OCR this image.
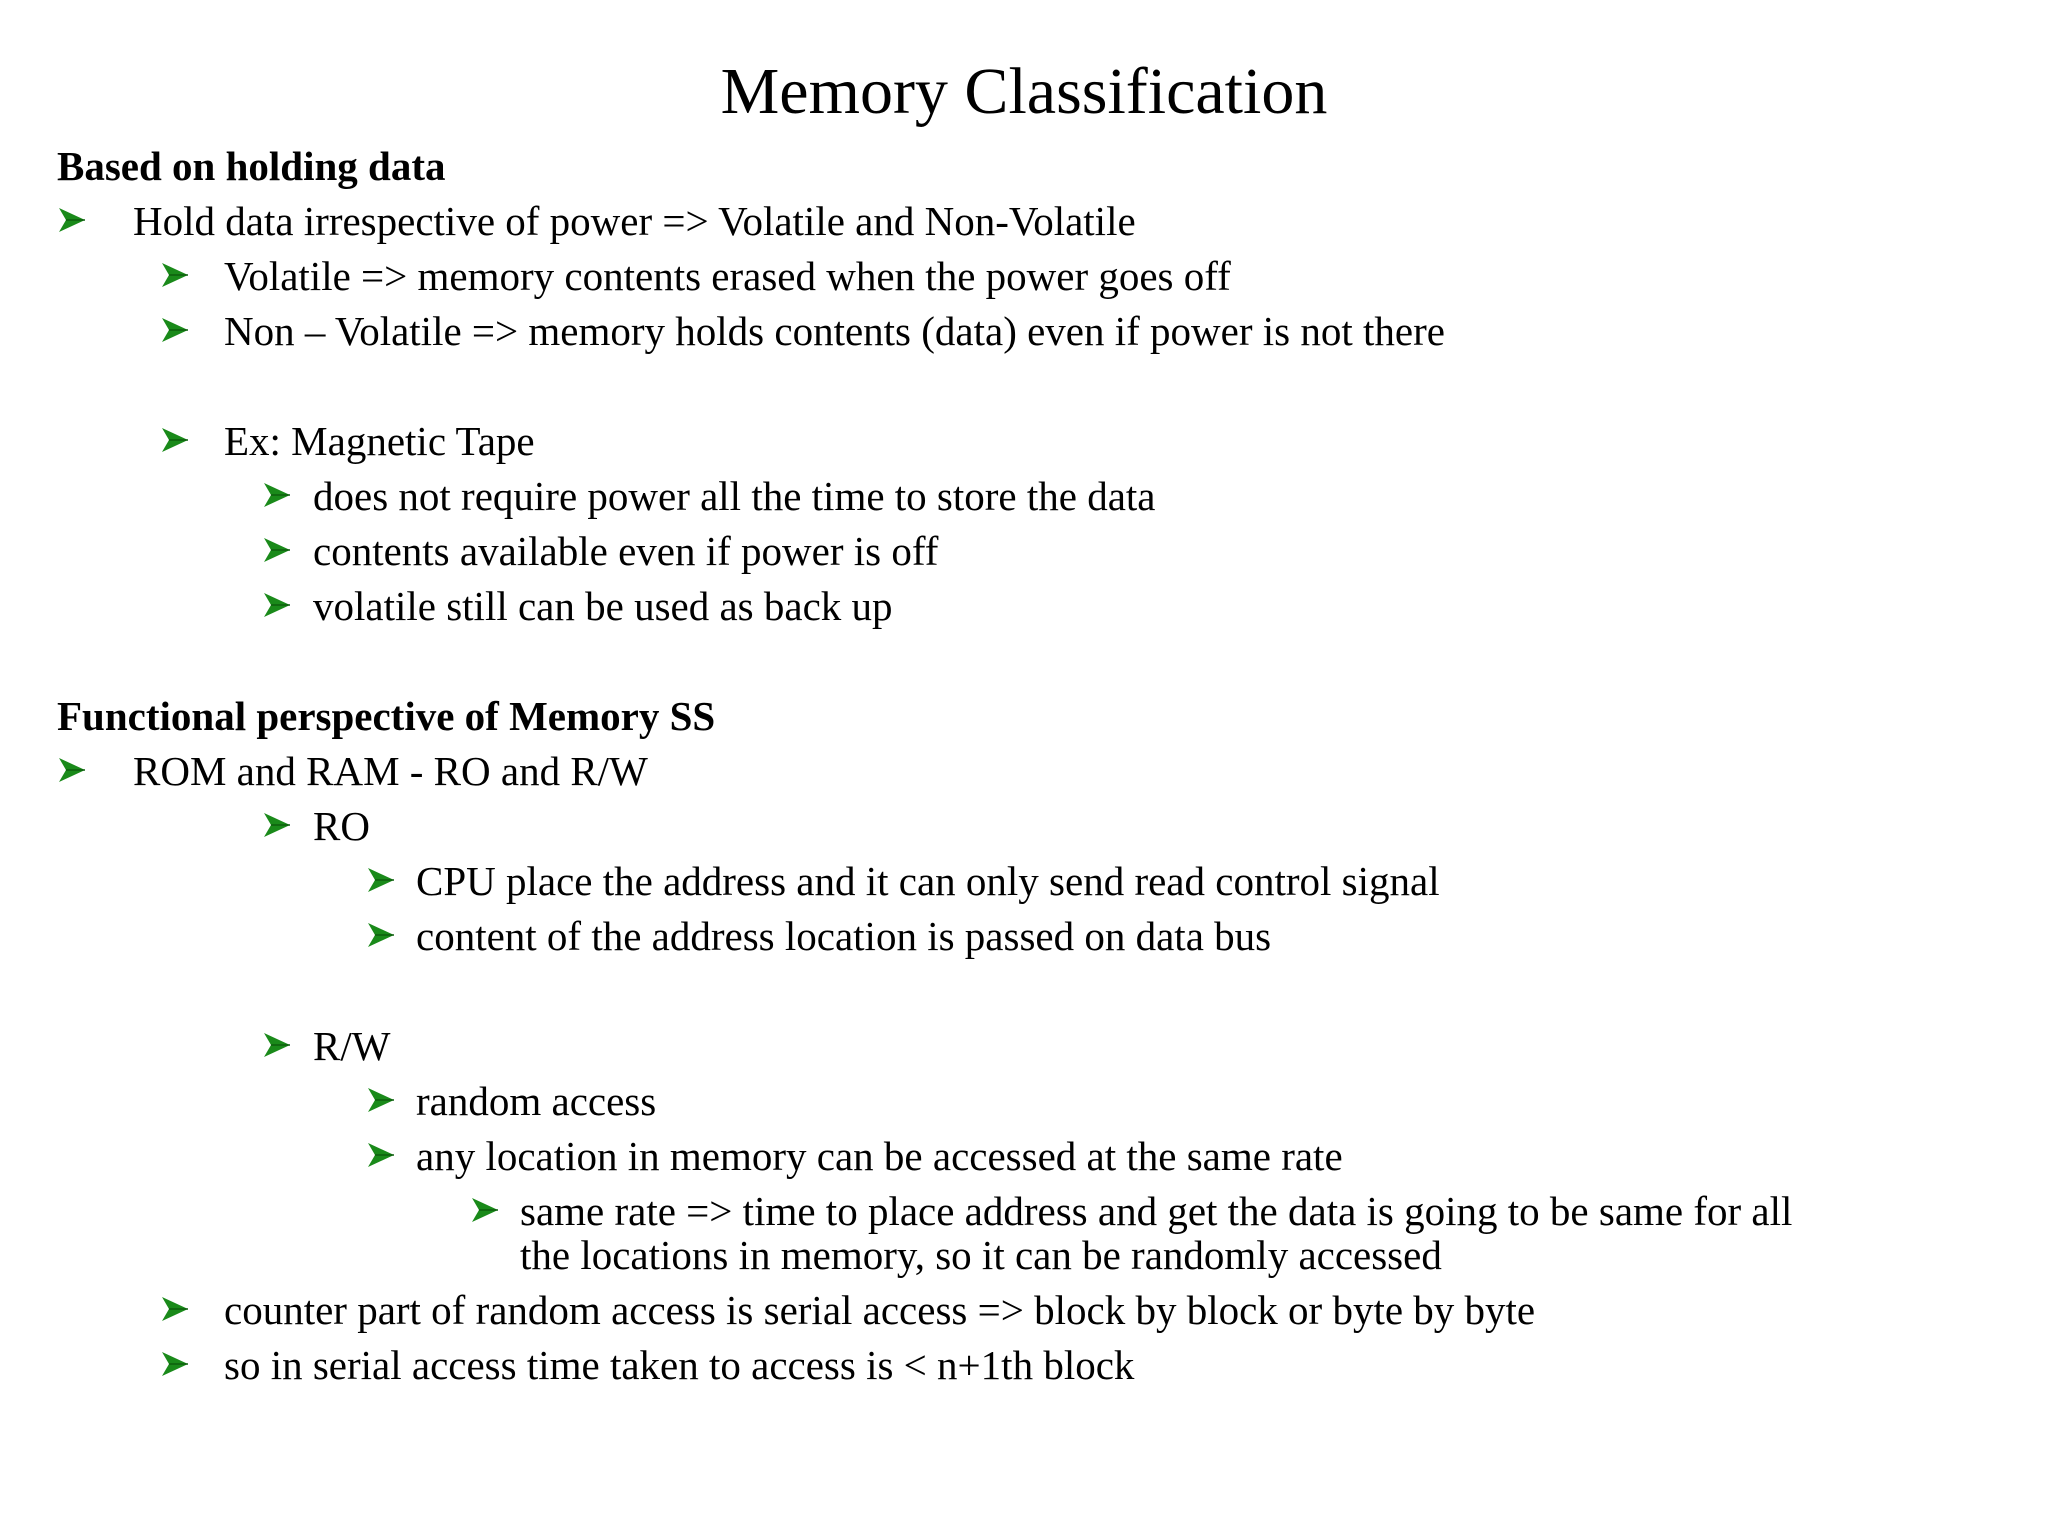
Memory Classification
Based on holding data
Hold data irrespective of power => Volatile and Non-Volatile
Volatile => memory contents erased when the power goes off
Non – Volatile => memory holds contents (data) even if power is not there
Ex: Magnetic Tape
does not require power all the time to store the data
contents available even if power is off
volatile still can be used as back up
Functional perspective of Memory SS
ROM and RAM - RO and R/W
RO
CPU place the address and it can only send read control signal
content of the address location is passed on data bus
R/W
random access
any location in memory can be accessed at the same rate
same rate => time to place address and get the data is going to be same for all
the locations in memory, so it can be randomly accessed
counter part of random access is serial access => block by block or byte by byte
so in serial access time taken to access is < n+1th block
